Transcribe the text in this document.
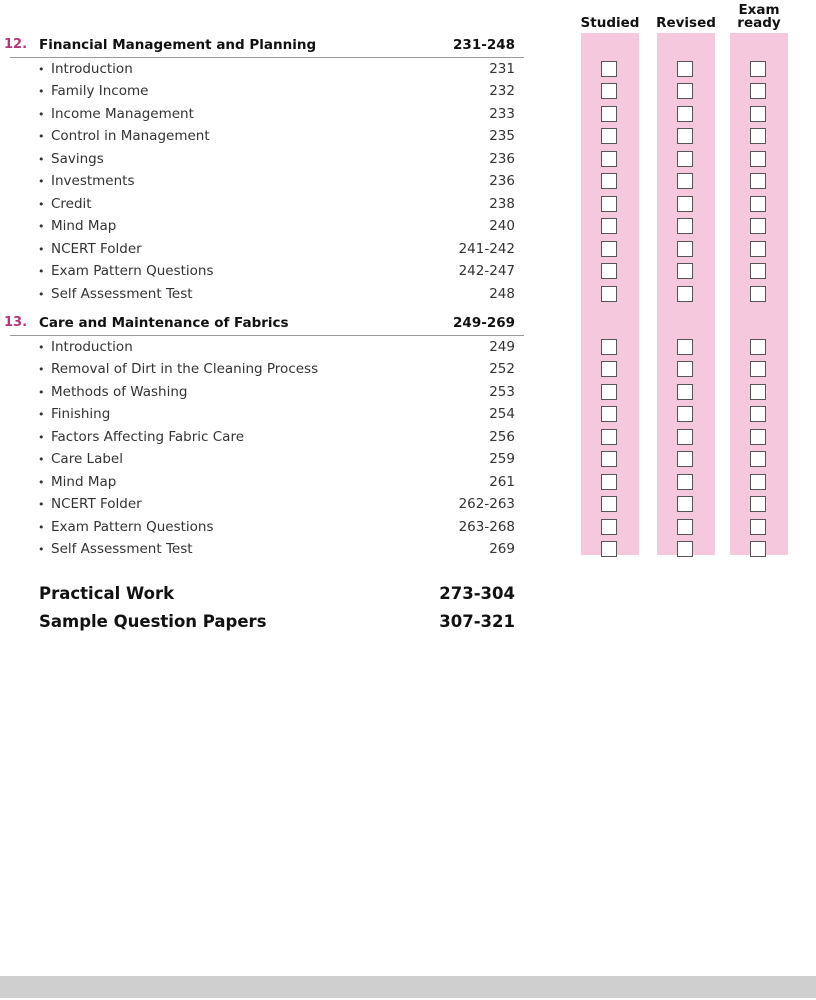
Studied Revised
Exam ready
12. Financial Management and Planning	231-248
• Introduction	231
• Family Income	232
• Income Management	233
• Control in Management	235
• Savings	236
• Investments	236
• Credit	238
• Mind Map	240
• NCERT Folder	241-242
• Exam Pattern Questions	242-247
• Self Assessment Test	248
13. Care and Maintenance of Fabrics	249-269
• Introduction	249
• Removal of Dirt in the Cleaning Process	252
• Methods of Washing	253
• Finishing	254
• Factors Affecting Fabric Care	256
• Care Label	259
• Mind Map	261
• NCERT Folder	262-263
• Exam Pattern Questions	263-268
• Self Assessment Test	269
Practical Work	273-304
Sample Question Papers	307-321
